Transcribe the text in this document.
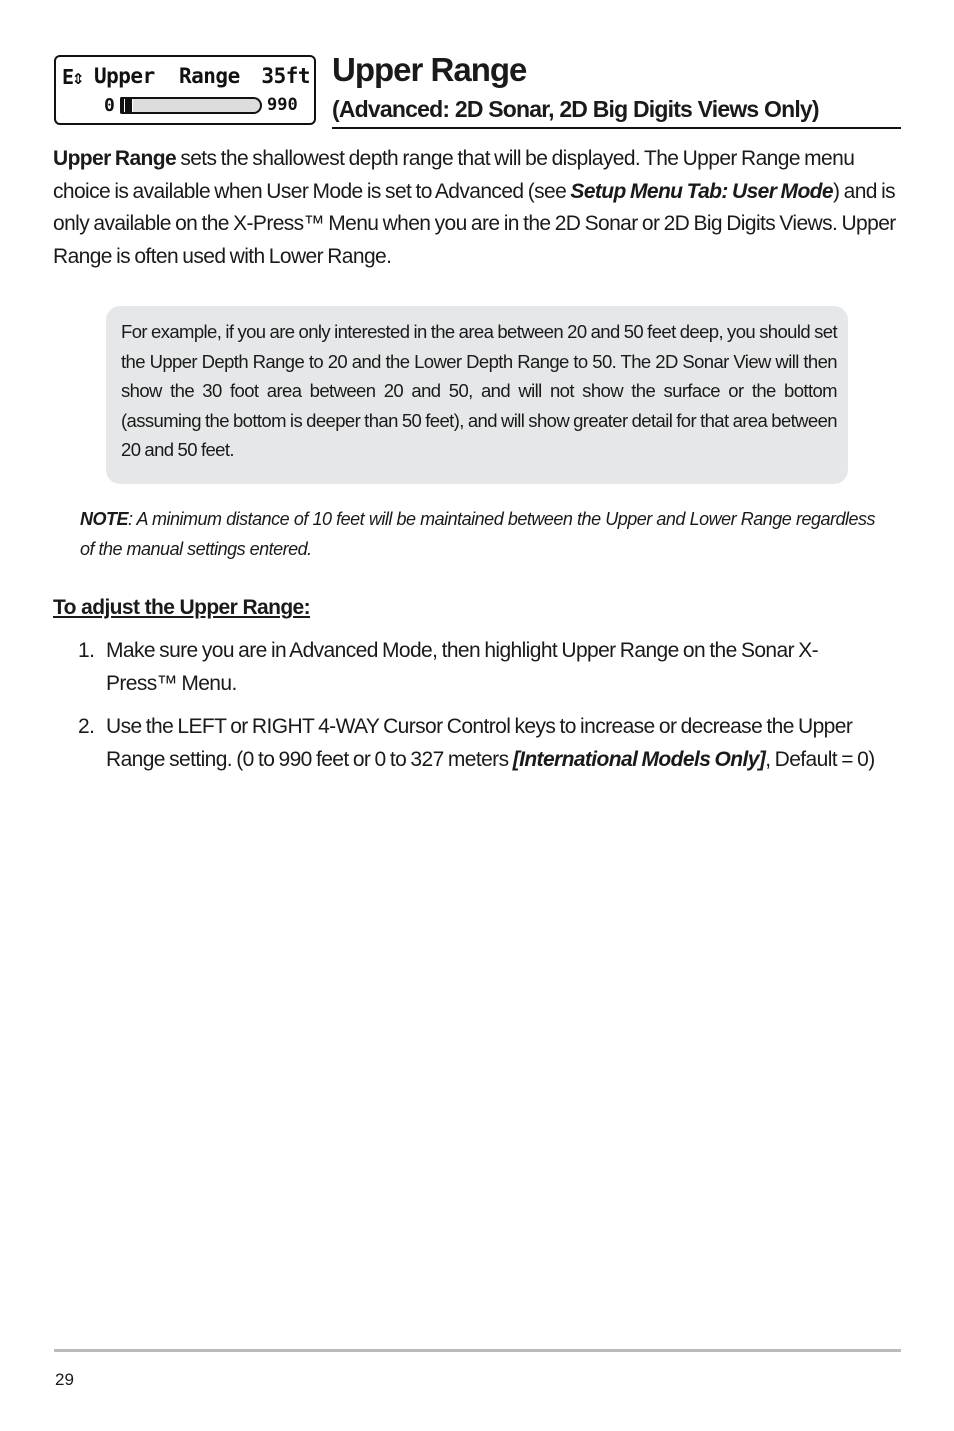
E⇕ Upper  Range 35ft
0	990
Upper Range
(Advanced: 2D Sonar, 2D Big Digits Views Only)
Upper Range sets the shallowest depth range that will be displayed. The Upper Range menu choice is available when User Mode is set to Advanced (see Setup Menu Tab: User Mode) and is only available on the X-Press™ Menu when you are in the 2D Sonar or 2D Big Digits Views. Upper Range is often used with Lower Range.

For example, if you are only interested in the area between 20 and 50 feet deep, you should set the Upper Depth Range to 20 and the Lower Depth Range to 50. The 2D Sonar View will then show the 30 foot area between 20 and 50, and will not show the surface or the bottom (assuming the bottom is deeper than 50 feet), and will show greater detail for that area between 20 and 50 feet.

NOTE: A minimum distance of 10 feet will be maintained between the Upper and Lower Range regardless of the manual settings entered.

To adjust the Upper Range:
1. Make sure you are in Advanced Mode, then highlight Upper Range on the Sonar X-Press™ Menu.
2. Use the LEFT or RIGHT 4-WAY Cursor Control keys to increase or decrease the Upper Range setting. (0 to 990 feet or 0 to 327 meters [International Models Only], Default = 0)
29
